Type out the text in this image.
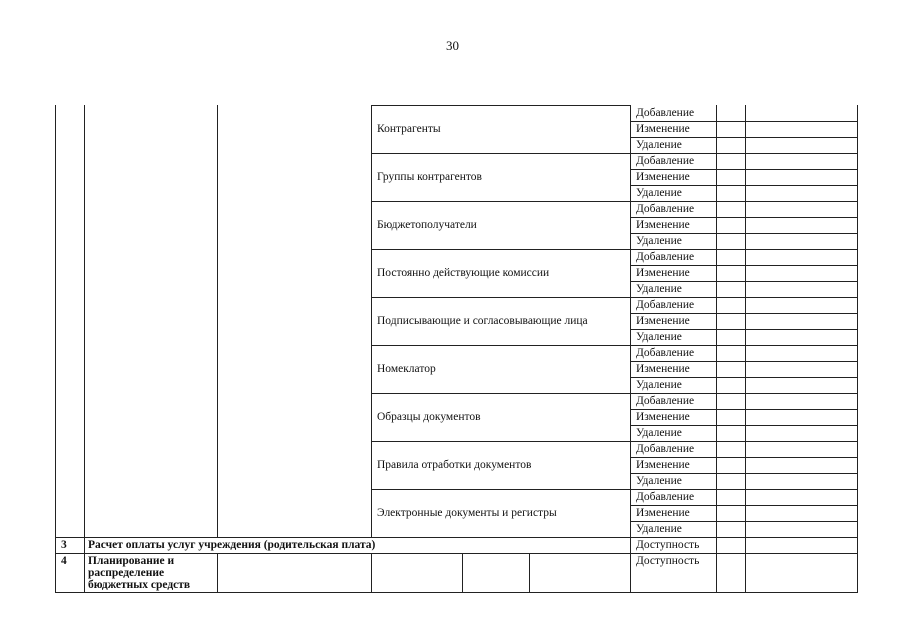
30
Контрагенты
Добавление
Изменение
Удаление
Группы контрагентов
Добавление
Изменение
Удаление
Бюджетополучатели
Добавление
Изменение
Удаление
Постоянно действующие комиссии
Добавление
Изменение
Удаление
Подписывающие и согласовывающие лица
Добавление
Изменение
Удаление
Номеклатор
Добавление
Изменение
Удаление
Образцы документов
Добавление
Изменение
Удаление
Правила отработки документов
Добавление
Изменение
Удаление
Электронные документы и регистры
Добавление
Изменение
Удаление
3 Расчет оплаты услуг учреждения (родительская плата)	Доступность
4 Планирование и
распределение
бюджетных средств
Доступность
